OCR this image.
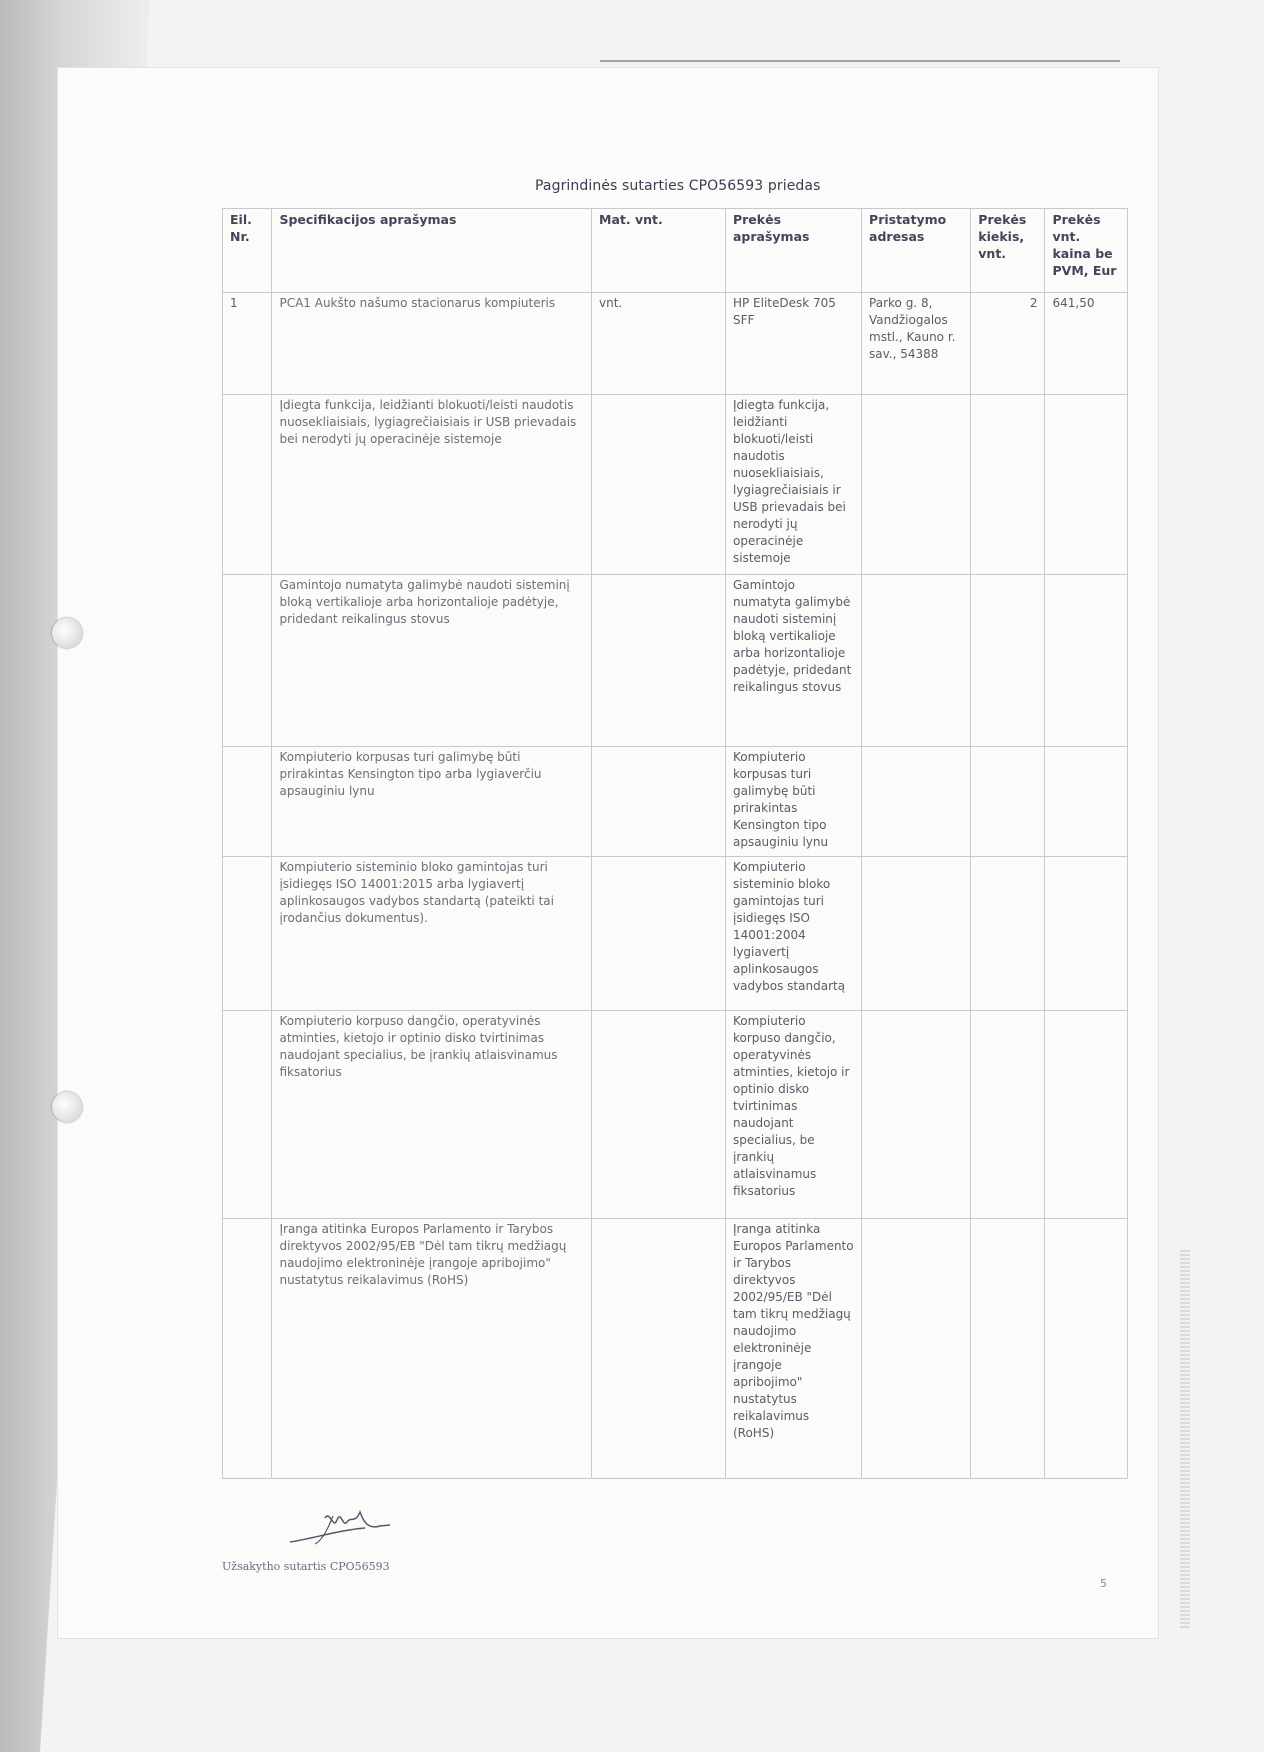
Pagrindinės sutarties CPO56593 priedas
Eil. Nr.	Specifikacijos aprašymas	Mat. vnt.	Prekės aprašymas	Pristatymo adresas	Prekės kiekis, vnt.	Prekės vnt. kaina be PVM, Eur
1	PCA1 Aukšto našumo stacionarus kompiuteris	vnt.	HP EliteDesk 705 SFF	Parko g. 8, Vandžiogalos mstl., Kauno r. sav., 54388	2	641,50
	Įdiegta funkcija, leidžianti blokuoti/leisti naudotis nuosekliaisiais, lygiagrečiaisiais ir USB prievadais bei nerodyti jų operacinėje sistemoje		Įdiegta funkcija, leidžianti blokuoti/leisti naudotis nuosekliaisiais, lygiagrečiaisiais ir USB prievadais bei nerodyti jų operacinėje sistemoje			
	Gamintojo numatyta galimybė naudoti sisteminį bloką vertikalioje arba horizontalioje padėtyje, pridedant reikalingus stovus		Gamintojo numatyta galimybė naudoti sisteminį bloką vertikalioje arba horizontalioje padėtyje, pridedant reikalingus stovus			
	Kompiuterio korpusas turi galimybę būti prirakintas Kensington tipo arba lygiaverčiu apsauginiu lynu		Kompiuterio korpusas turi galimybę būti prirakintas Kensington tipo apsauginiu lynu			
	Kompiuterio sisteminio bloko gamintojas turi įsidiegęs ISO 14001:2015 arba lygiavertį aplinkosaugos vadybos standartą (pateikti tai įrodančius dokumentus).		Kompiuterio sisteminio bloko gamintojas turi įsidiegęs ISO 14001:2004 lygiavertį aplinkosaugos vadybos standartą			
	Kompiuterio korpuso dangčio, operatyvinės atminties, kietojo ir optinio disko tvirtinimas naudojant specialius, be įrankių atlaisvinamus fiksatorius		Kompiuterio korpuso dangčio, operatyvinės atminties, kietojo ir optinio disko tvirtinimas naudojant specialius, be įrankių atlaisvinamus fiksatorius			
	Įranga atitinka Europos Parlamento ir Tarybos direktyvos 2002/95/EB "Dėl tam tikrų medžiagų naudojimo elektroninėje įrangoje apribojimo" nustatytus reikalavimus (RoHS)		Įranga atitinka Europos Parlamento ir Tarybos direktyvos 2002/95/EB "Dėl tam tikrų medžiagų naudojimo elektroninėje įrangoje apribojimo" nustatytus reikalavimus (RoHS)			
Užsakytho sutartis CPO56593
5
